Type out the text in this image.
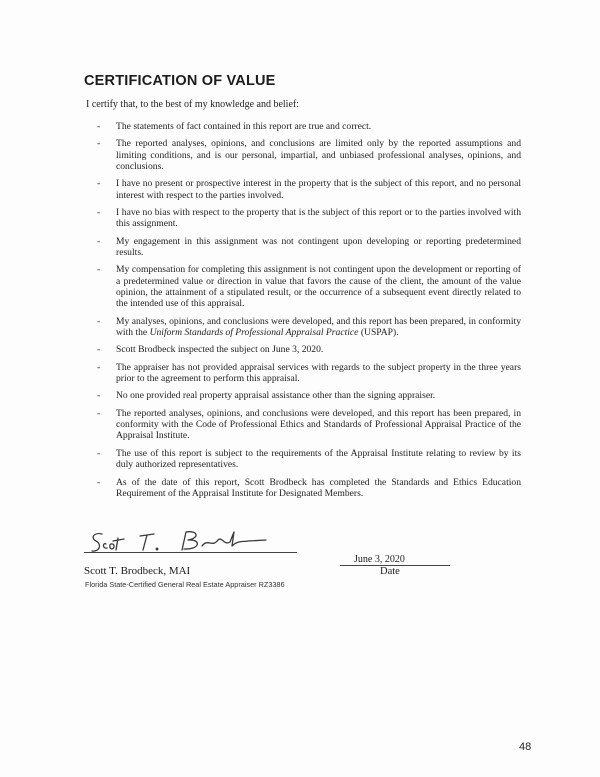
CERTIFICATION OF VALUE
I certify that, to the best of my knowledge and belief:
- The statements of fact contained in this report are true and correct.
- The reported analyses, opinions, and conclusions are limited only by the reported assumptions and limiting conditions, and is our personal, impartial, and unbiased professional analyses, opinions, and conclusions.
- I have no present or prospective interest in the property that is the subject of this report, and no personal interest with respect to the parties involved.
- I have no bias with respect to the property that is the subject of this report or to the parties involved with this assignment.
- My engagement in this assignment was not contingent upon developing or reporting predetermined results.
- My compensation for completing this assignment is not contingent upon the development or reporting of a predetermined value or direction in value that favors the cause of the client, the amount of the value opinion, the attainment of a stipulated result, or the occurrence of a subsequent event directly related to the intended use of this appraisal.
- My analyses, opinions, and conclusions were developed, and this report has been prepared, in conformity with the Uniform Standards of Professional Appraisal Practice (USPAP).
- Scott Brodbeck inspected the subject on June 3, 2020.
- The appraiser has not provided appraisal services with regards to the subject property in the three years prior to the agreement to perform this appraisal.
- No one provided real property appraisal assistance other than the signing appraiser.
- The reported analyses, opinions, and conclusions were developed, and this report has been prepared, in conformity with the Code of Professional Ethics and Standards of Professional Appraisal Practice of the Appraisal Institute.
- The use of this report is subject to the requirements of the Appraisal Institute relating to review by its duly authorized representatives.
- As of the date of this report, Scott Brodbeck has completed the Standards and Ethics Education Requirement of the Appraisal Institute for Designated Members.
June 3, 2020
Scott T. Brodbeck, MAI	Date
Florida State-Certified General Real Estate Appraiser RZ3386
48
